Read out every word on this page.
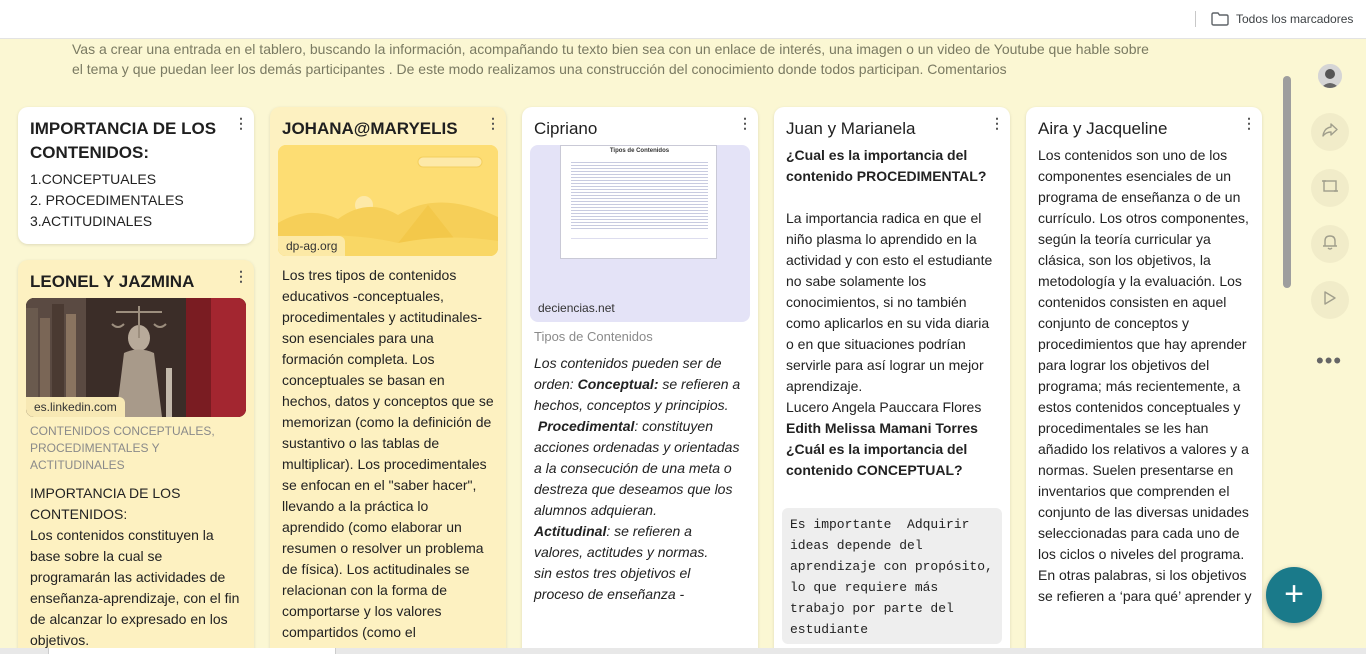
Todos los marcadores
Vas a crear una entrada en el tablero, buscando la información, acompañando tu texto bien sea con un enlace de interés, una imagen o un video de Youtube que hable sobre el tema y que puedan leer los demás participantes . De este modo realizamos una construcción del conocimiento donde todos participan. Comentarios
IMPORTANCIA DE LOS CONTENIDOS:
⋮
1.CONCEPTUALES
2. PROCEDIMENTALES
3.ACTITUDINALES
LEONEL Y JAZMINA	⋮
es.linkedin.com
CONTENIDOS CONCEPTUALES, PROCEDIMENTALES Y ACTITUDINALES
IMPORTANCIA DE LOS CONTENIDOS:
Los contenidos constituyen la base sobre la cual se programarán las actividades de enseñanza-aprendizaje, con el fin de alcanzar lo expresado en los objetivos.
JOHANA@MARYELIS	⋮
dp-ag.org
Los tres tipos de contenidos educativos -conceptuales, procedimentales y actitudinales- son esenciales para una formación completa. Los conceptuales se basan en hechos, datos y conceptos que se memorizan (como la definición de sustantivo o las tablas de multiplicar). Los procedimentales se enfocan en el "saber hacer", llevando a la práctica lo aprendido (como elaborar un resumen o resolver un problema de física). Los actitudinales se relacionan con la forma de comportarse y los valores compartidos (como el
Cipriano	⋮
Tipos de Contenidos
deciencias.net
Tipos de Contenidos

Los contenidos pueden ser de orden: Conceptual: se refieren a hechos, conceptos y principios.

Procedimental: constituyen acciones ordenadas y orientadas a la consecución de una meta o destreza que deseamos que los alumnos adquieran.

Actitudinal: se refieren a valores, actitudes y normas.

sin estos tres objetivos el proceso de enseñanza -

Juan y Marianela	⋮
¿Cual es la importancia del contenido PROCEDIMENTAL?
La importancia radica en que el niño plasma lo aprendido en la actividad y con esto el estudiante no sabe solamente los conocimientos, si no también como aplicarlos en su vida diaria o en que situaciones podrían servirle para así lograr un mejor aprendizaje.
Lucero Angela Pauccara Flores
Edith Melissa Mamani Torres
¿Cuál es la importancia del contenido CONCEPTUAL?
Es importante  Adquirir ideas depende del aprendizaje con propósito, lo que requiere más trabajo por parte del estudiante
Aira y Jacqueline	⋮
Los contenidos son uno de los componentes esenciales de un programa de enseñanza o de un currículo. Los otros componentes, según la teoría curricular ya clásica, son los objetivos, la metodología y la evaluación. Los contenidos consisten en aquel conjunto de conceptos y procedimientos que hay aprender para lograr los objetivos del programa; más recientemente, a estos contenidos conceptuales y procedimentales se les han añadido los relativos a valores y a normas. Suelen presentarse en inventarios que comprenden el conjunto de las diversas unidades seleccionadas para cada uno de los ciclos o niveles del programa. En otras palabras, si los objetivos se refieren a ‘para qué’ aprender y
•••
+
